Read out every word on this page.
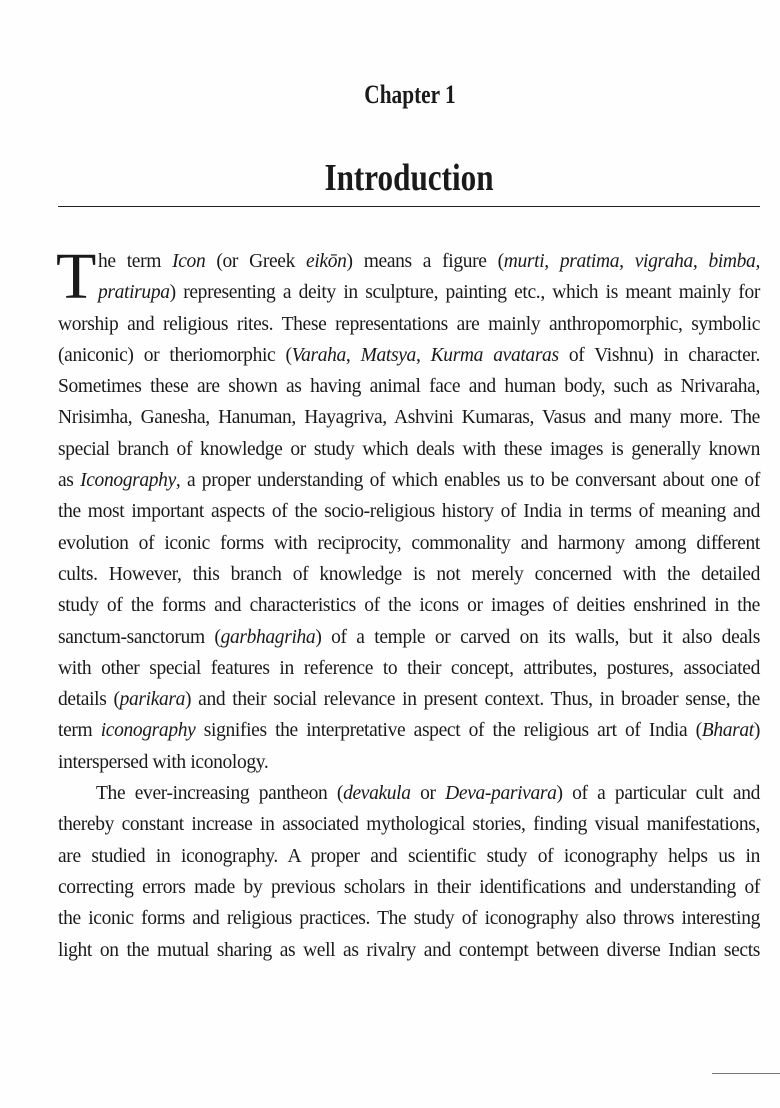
Chapter 1
Introduction
T he term Icon (or Greek eikōn) means a figure (murti, pratima, vigraha, bimba,
pratirupa) representing a deity in sculpture, painting etc., which is meant mainly for
worship and religious rites. These representations are mainly anthropomorphic, symbolic
(aniconic) or theriomorphic (Varaha, Matsya, Kurma avataras of Vishnu) in character.
Sometimes these are shown as having animal face and human body, such as Nrivaraha,
Nrisimha, Ganesha, Hanuman, Hayagriva, Ashvini Kumaras, Vasus and many more. The
special branch of knowledge or study which deals with these images is generally known
as Iconography, a proper understanding of which enables us to be conversant about one of
the most important aspects of the socio-religious history of India in terms of meaning and
evolution of iconic forms with reciprocity, commonality and harmony among different
cults. However, this branch of knowledge is not merely concerned with the detailed
study of the forms and characteristics of the icons or images of deities enshrined in the
sanctum-sanctorum (garbhagriha) of a temple or carved on its walls, but it also deals
with other special features in reference to their concept, attributes, postures, associated
details (parikara) and their social relevance in present context. Thus, in broader sense, the
term iconography signifies the interpretative aspect of the religious art of India (Bharat)
interspersed with iconology.
The ever-increasing pantheon (devakula or Deva-parivara) of a particular cult and
thereby constant increase in associated mythological stories, finding visual manifestations,
are studied in iconography. A proper and scientific study of iconography helps us in
correcting errors made by previous scholars in their identifications and understanding of
the iconic forms and religious practices. The study of iconography also throws interesting
light on the mutual sharing as well as rivalry and contempt between diverse Indian sects
